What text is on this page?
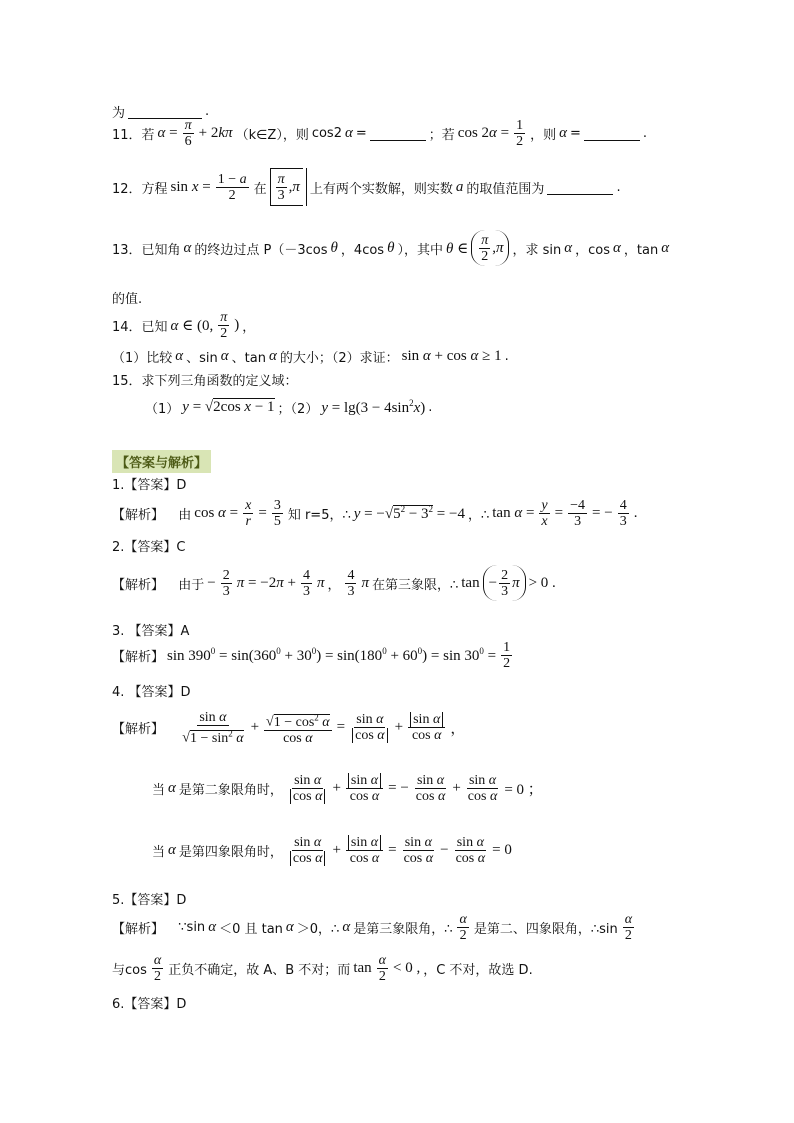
为	.
11．若 $\alpha = \frac{\pi}{6} + 2k\pi$ （k∈Z），则 cos2 α =	；若 $\cos 2\alpha = \frac{1}{2}$ ，则 α =	.
12．方程 $\sin x = \frac{1 - a}{2}$ 在 $\frac{\pi}{3} ,\pi$ 上有两个实数解，则实数 a 的取值范围为	.
13．已知角 α 的终边过点 P（－3cos θ ，4cos θ ），其中 θ ∈ $\frac{\pi}{2} ,\pi$ ，求 sin α ，cos α ，tan α
的值.
14．已知 α ∈ (0, $\frac{\pi}{2}$ ) ，
（1）比较 α 、sin α 、tan α 的大小；（2）求证： sin α + cos α ≥ 1 .
15．求下列三角函数的定义域：
（1） y = √2cos x − 1 ；（2） $y = \lg(3 - 4\sin^2x)$ .
【答案与解析】
1.【答案】D
【解析】
由 $\cos \alpha = \frac{x}{r} = \frac{3}{5}$ 知 r=5，∴ $y = -√5^2 - 3^2 = -4$ ，∴ $\tan \alpha = \frac{y}{x} = \frac{-4}{3}$ = − $\frac{4}{3}$ .
2.【答案】C
【解析】
由于 − $\frac{2}{3}$ $\pi = -2\pi + \frac{4}{3}$ π ， $\frac{4}{3}$ π 在第三象限，∴ $\tan - \frac{2}{3}$ π > 0 .
3. 【答案】A
【解析】 $\sin 390^0 = \sin(360^0 + 30^0) = \sin(180^0 + 60^0) = \sin 30^0 = \frac{1}{2}$
4. 【答案】D
【解析】
$\frac{\text{sin α}}{√1 - \sin^2 \alpha} + \frac{√1 - \cos^2 \alpha}{\text{cos α}} = \frac{\text{sin α}}{\text{cos α}} + \frac{\text{sin α}}{\text{cos α}}$ ，
当 α 是第二象限角时， $\frac{\text{sin α}}{\text{cos α}} + \frac{\text{sin α}}{\text{cos α}}$ = − $\frac{\text{sin α}}{\text{cos α}} + \frac{\text{sin α}}{\text{cos α}} = 0$ ；
当 α 是第四象限角时， $\frac{\text{sin α}}{\text{cos α}} + \frac{\text{sin α}}{\text{cos α}} = \frac{\text{sin α}}{\text{cos α}} - \frac{\text{sin α}}{\text{cos α}} = 0$
5.【答案】D
【解析】
∵sin α ＜0 且 tan α ＞0，∴ α 是第三象限角，∴ $\frac{\alpha}{2}$ 是第二、四象限角，∴sin $\frac{\alpha}{2}$
与$\cos \frac{\alpha}{2}$ 正负不确定，故 A、B 不对；而 $\tan \frac{\alpha}{2} < 0$ , ，C 不对，故选 D.
6.【答案】D
